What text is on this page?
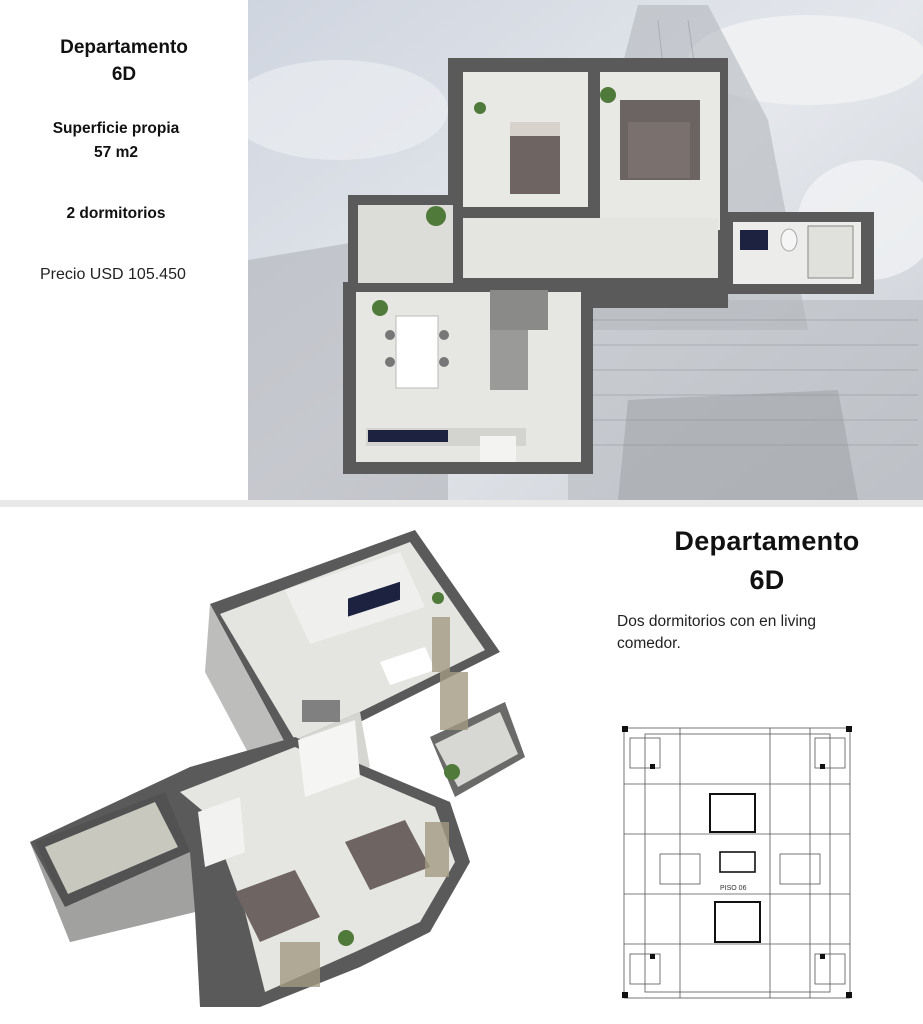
Departamento
6D
Superficie propia
57 m2
2 dormitorios
Precio USD 105.450
Departamento
6D
Dos dormitorios con en living comedor.
PISO 06
